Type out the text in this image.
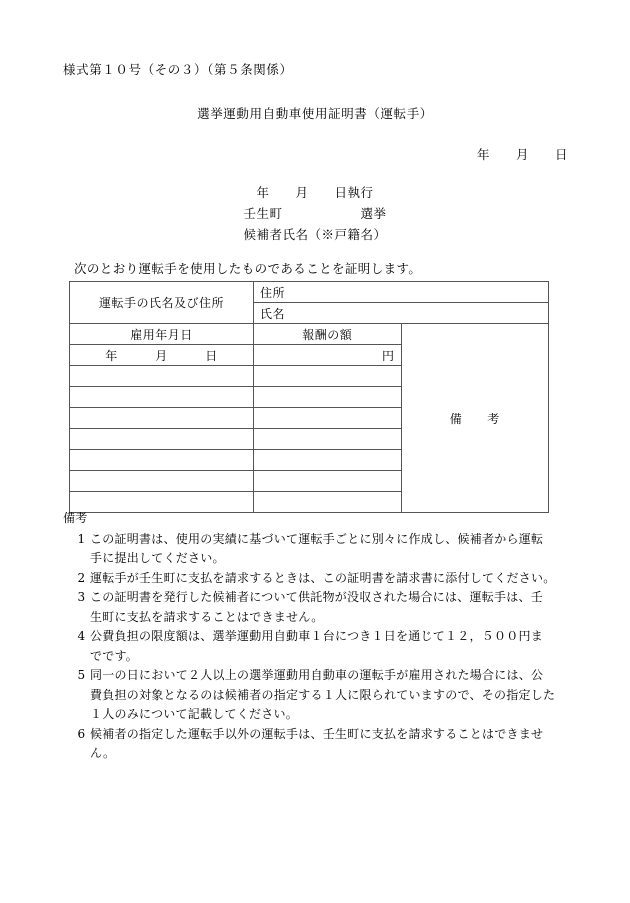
様式第１０号（その３）（第５条関係）
選挙運動用自動車使用証明書（運転手）
年　　月　　日
年　　月　　日執行
壬生町　　　　　　選挙
候補者氏名（※戸籍名）
次のとおり運転手を使用したものであることを証明します。
運転手の氏名及び住所	住所	
	氏名	
雇用年月日	報酬の額	備　　考
年　　　月　　　日	円	

備考
1 この証明書は、使用の実績に基づいて運転手ごとに別々に作成し、候補者から運転
手に提出してください。
2 運転手が壬生町に支払を請求するときは、この証明書を請求書に添付してください。
3 この証明書を発行した候補者について供託物が没収された場合には、運転手は、壬
生町に支払を請求することはできません。
4 公費負担の限度額は、選挙運動用自動車１台につき１日を通じて１２，５００円ま
でです。
5 同一の日において２人以上の選挙運動用自動車の運転手が雇用された場合には、公
費負担の対象となるのは候補者の指定する１人に限られていますので、その指定した
１人のみについて記載してください。
6 候補者の指定した運転手以外の運転手は、壬生町に支払を請求することはできませ
ん。
